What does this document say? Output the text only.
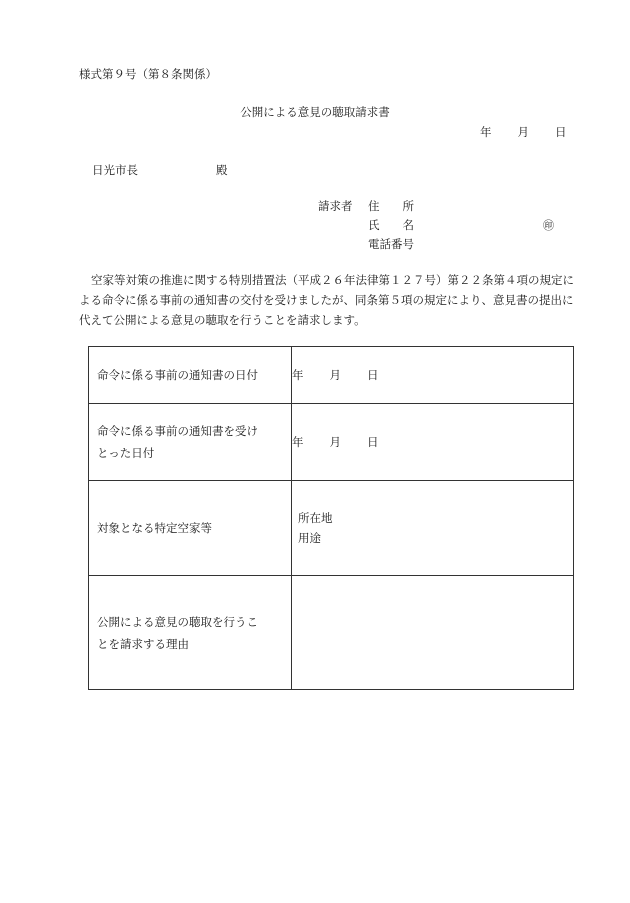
様式第９号（第８条関係）
公開による意見の聴取請求書
年 月 日
日光市長	殿
請求者 住　　所
氏　　名
電話番号
㊞
空家等対策の推進に関する特別措置法（平成２６年法律第１２７号）第２２条第４項の規定による命令に係る事前の通知書の交付を受けましたが、同条第５項の規定により、意見書の提出に代えて公開による意見の聴取を行うことを請求します。
命令に係る事前の通知書の日付	年 月 日

命令に係る事前の通知書を受け
とった日付	年 月 日
対象となる特定空家等	所在地
用途

公開による意見の聴取を行うこ
とを請求する理由	
